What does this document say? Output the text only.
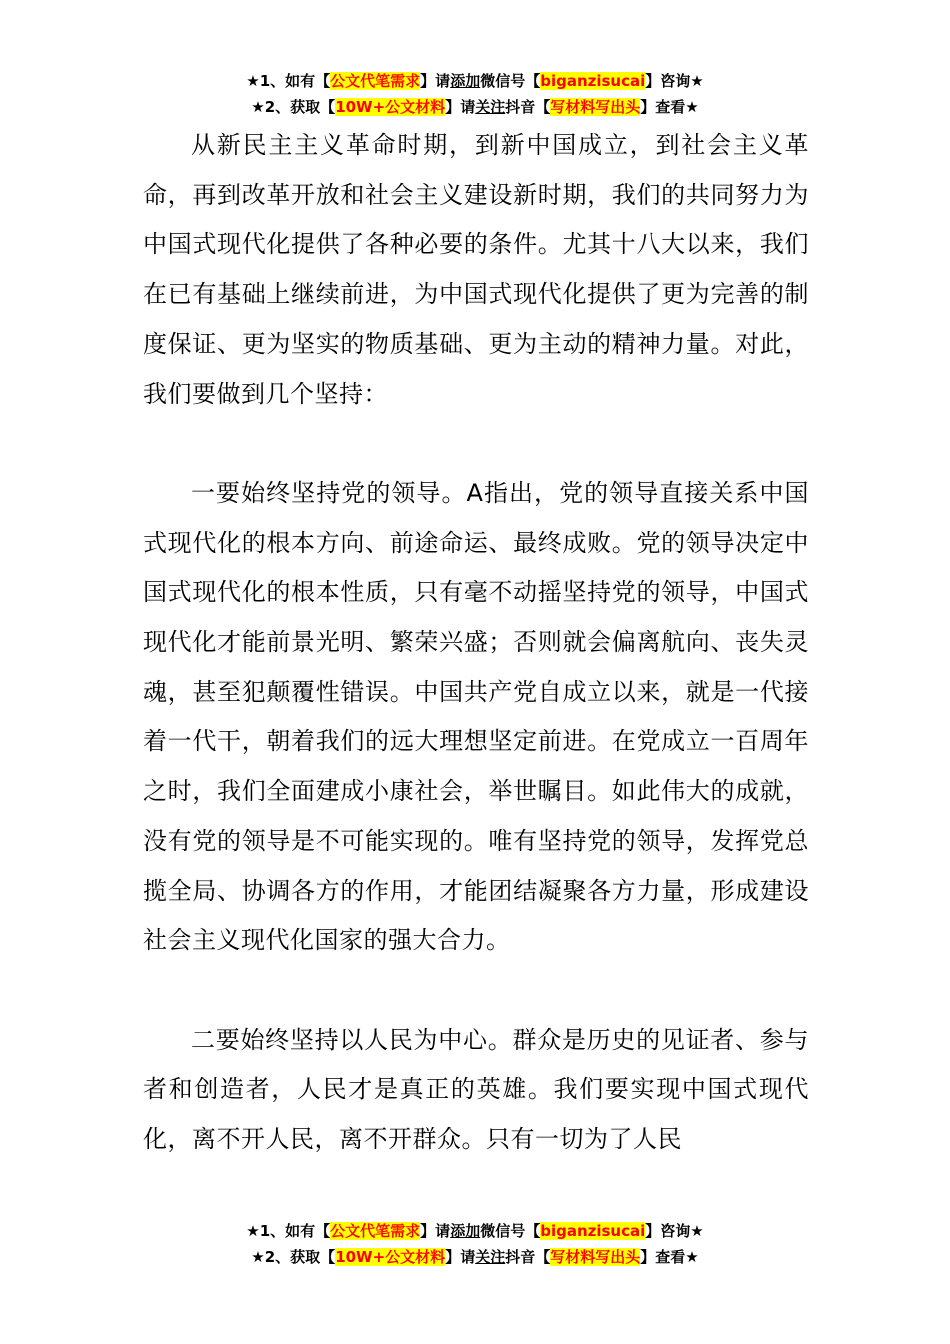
★1、如有【公文代笔需求】请添加微信号【biganzisucai】咨询★
★2、获取【10W+公文材料】请关注抖音【写材料写出头】查看★

从新民主主义革命时期，到新中国成立，到社会主义革命，再到改革开放和社会主义建设新时期，我们的共同努力为中国式现代化提供了各种必要的条件。尤其十八大以来，我们在已有基础上继续前进，为中国式现代化提供了更为完善的制度保证、更为坚实的物质基础、更为主动的精神力量。对此，我们要做到几个坚持：

一要始终坚持党的领导。A指出，党的领导直接关系中国式现代化的根本方向、前途命运、最终成败。党的领导决定中国式现代化的根本性质，只有毫不动摇坚持党的领导，中国式现代化才能前景光明、繁荣兴盛；否则就会偏离航向、丧失灵魂，甚至犯颠覆性错误。中国共产党自成立以来，就是一代接着一代干，朝着我们的远大理想坚定前进。在党成立一百周年之时，我们全面建成小康社会，举世瞩目。如此伟大的成就，没有党的领导是不可能实现的。唯有坚持党的领导，发挥党总揽全局、协调各方的作用，才能团结凝聚各方力量，形成建设社会主义现代化国家的强大合力。

二要始终坚持以人民为中心。群众是历史的见证者、参与者和创造者，人民才是真正的英雄。我们要实现中国式现代化，离不开人民，离不开群众。只有一切为了人民

★1、如有【公文代笔需求】请添加微信号【biganzisucai】咨询★
★2、获取【10W+公文材料】请关注抖音【写材料写出头】查看★
